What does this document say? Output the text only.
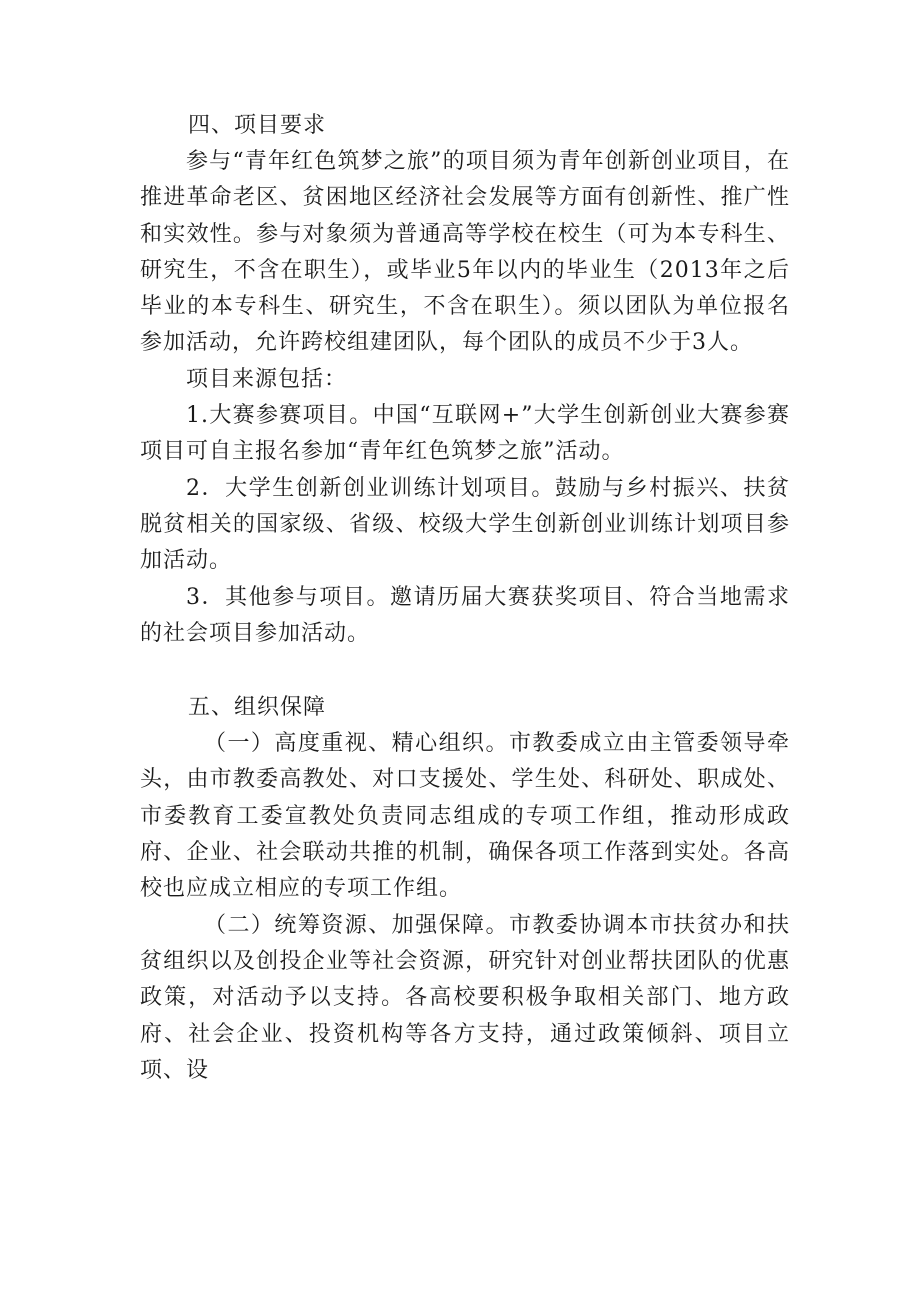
四、项目要求

参与“青年红色筑梦之旅”的项目须为青年创新创业项目，在推进革命老区、贫困地区经济社会发展等方面有创新性、推广性和实效性。参与对象须为普通高等学校在校生（可为本专科生、研究生，不含在职生），或毕业5年以内的毕业生（2013年之后毕业的本专科生、研究生，不含在职生）。须以团队为单位报名参加活动，允许跨校组建团队，每个团队的成员不少于3人。

项目来源包括：

1.大赛参赛项目。中国“互联网+”大学生创新创业大赛参赛项目可自主报名参加“青年红色筑梦之旅”活动。

2．大学生创新创业训练计划项目。鼓励与乡村振兴、扶贫脱贫相关的国家级、省级、校级大学生创新创业训练计划项目参加活动。

3．其他参与项目。邀请历届大赛获奖项目、符合当地需求的社会项目参加活动。

五、组织保障

（一）高度重视、精心组织。市教委成立由主管委领导牵头，由市教委高教处、对口支援处、学生处、科研处、职成处、市委教育工委宣教处负责同志组成的专项工作组，推动形成政府、企业、社会联动共推的机制，确保各项工作落到实处。各高校也应成立相应的专项工作组。

（二）统筹资源、加强保障。市教委协调本市扶贫办和扶贫组织以及创投企业等社会资源，研究针对创业帮扶团队的优惠政策，对活动予以支持。各高校要积极争取相关部门、地方政府、社会企业、投资机构等各方支持，通过政策倾斜、项目立项、设
